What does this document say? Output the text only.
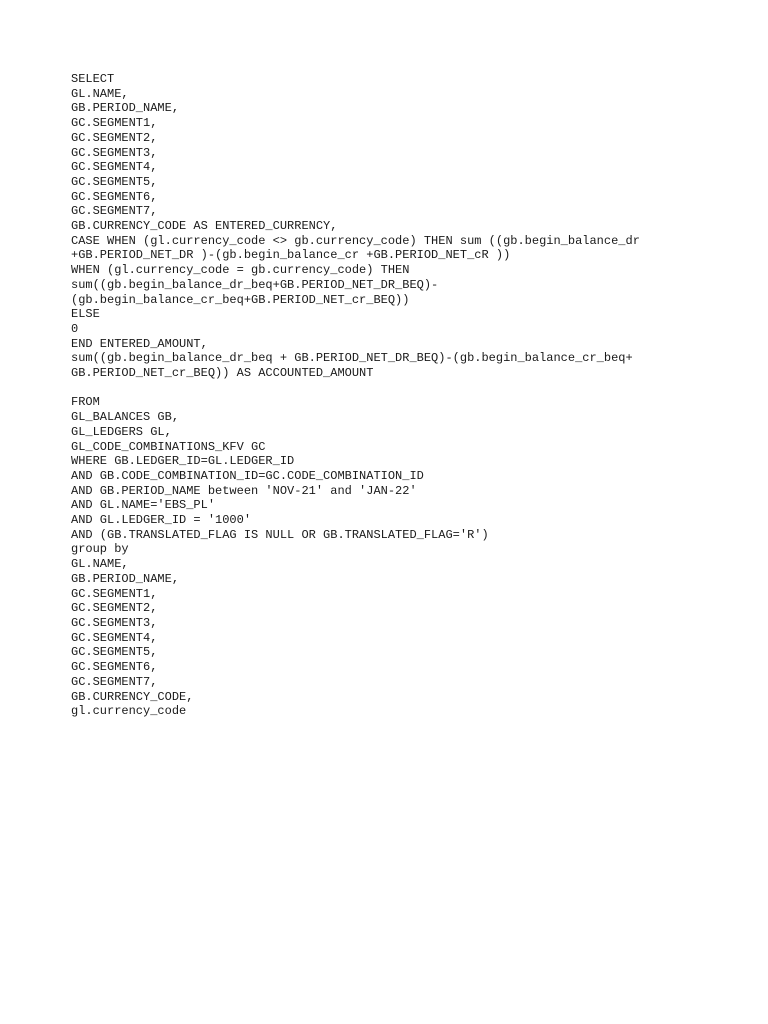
SELECT
GL.NAME,
GB.PERIOD_NAME,
GC.SEGMENT1,
GC.SEGMENT2,
GC.SEGMENT3,
GC.SEGMENT4,
GC.SEGMENT5,
GC.SEGMENT6,
GC.SEGMENT7,
GB.CURRENCY_CODE AS ENTERED_CURRENCY,
CASE WHEN (gl.currency_code <> gb.currency_code) THEN sum ((gb.begin_balance_dr
+GB.PERIOD_NET_DR )-(gb.begin_balance_cr +GB.PERIOD_NET_cR ))
WHEN (gl.currency_code = gb.currency_code) THEN
sum((gb.begin_balance_dr_beq+GB.PERIOD_NET_DR_BEQ)-
(gb.begin_balance_cr_beq+GB.PERIOD_NET_cr_BEQ))
ELSE
0
END ENTERED_AMOUNT,
sum((gb.begin_balance_dr_beq + GB.PERIOD_NET_DR_BEQ)-(gb.begin_balance_cr_beq+
GB.PERIOD_NET_cr_BEQ)) AS ACCOUNTED_AMOUNT
FROM
GL_BALANCES GB,
GL_LEDGERS GL,
GL_CODE_COMBINATIONS_KFV GC
WHERE GB.LEDGER_ID=GL.LEDGER_ID
AND GB.CODE_COMBINATION_ID=GC.CODE_COMBINATION_ID
AND GB.PERIOD_NAME between 'NOV-21' and 'JAN-22'
AND GL.NAME='EBS_PL'
AND GL.LEDGER_ID = '1000'
AND (GB.TRANSLATED_FLAG IS NULL OR GB.TRANSLATED_FLAG='R')
group by
GL.NAME,
GB.PERIOD_NAME,
GC.SEGMENT1,
GC.SEGMENT2,
GC.SEGMENT3,
GC.SEGMENT4,
GC.SEGMENT5,
GC.SEGMENT6,
GC.SEGMENT7,
GB.CURRENCY_CODE,
gl.currency_code
